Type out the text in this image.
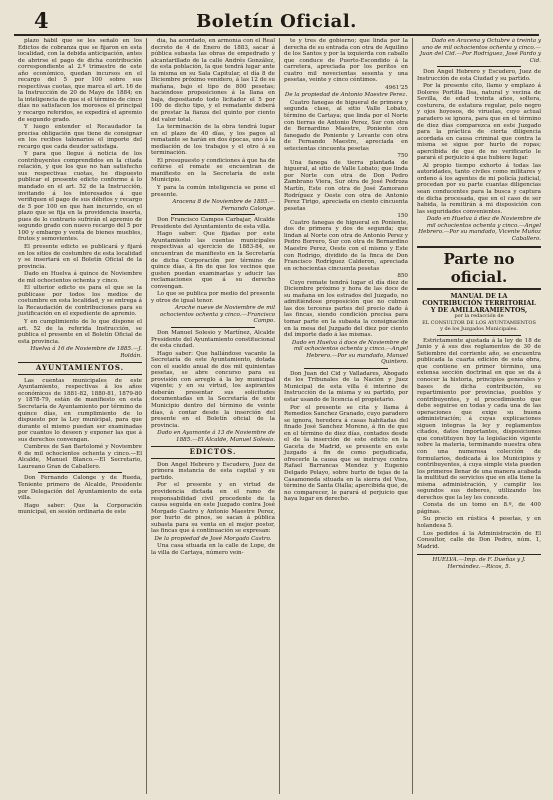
4	Boletín Oficial.

plazo hábil que se les señaló en los Edictos de cobranza que se fijaron en esta localidad, con la debida anticipación, antes de abrirse el pago de dicha contribución correspondiente al 2.º trimestre de este año económico, quedan incursos en el recargo del 5 por 100 sobre sus respectivas cuotas, que marca el art. 16 de la Instrucción de 20 de Mayo de 1884; en la inteligencia de que si el término de cinco días no satisfacen los morosos el principal y recargo referidos, se expedirá el apremio de segundo grado.

Y luego entender el Recaudador la precisa obligación que tiene de consignar en los recibos talonarios el importe del recargo que cada deudor satisfaga.

Y para que llegue á noticia de los contribuyentes comprendidos en la citada relación, y que los que no han satisfecho sus respectivas cuotas, he dispuesto publicar el presente edicto conforme á lo mandado en el art. 52 de la Instrucción, invitando á los interesados á que verifiquen el pago de sus débitos y recargo de 5 por 100 en que han incurrido, en el plazo que se fija en la providencia inserta, pues de lo contrario sufrirán el apremio de segundo grado con nuevo recargo del 5 por 100 y embargo y venta de bienes muebles, frutos y semovientes.

El presente edicto se publicará y fijará en los sitios de costumbre de esta localidad y se insertará en el Boletín Oficial de la provincia.

Dado en Huelva á quince de Noviembre de mil ochocientos ochenta y cinco.

El ulterior edicto es para el que se la publicase por todos los medios de costumbre en esta localidad, y se entrega á la Recaudación de contribuciones para su justificación en el expediente de apremio.

Y en cumplimiento de lo que dispone el art. 52 de la referida Instrucción, se publica el presente en el Boletín Oficial de esta provincia.

Huelva á 16 de Noviembre de 1885.—J. Roldán.

AYUNTAMIENTOS.

Las cuentas municipales de este Ayuntamiento, respectivas á los años económicos de 1881-82, 1880-81, 1879-80 y 1878-79, están de manifiesto en esta Secretaría de Ayuntamiento por término de quince días, en cumplimiento de lo dispuesto por la Ley municipal, para que durante el mismo puedan ser examinadas por cuantos lo deseen y exponer las que á sus derechos convengan.

Cumbres de San Bartolomé y Noviembre 6 de mil ochocientos ochenta y cinco.—El Alcalde, Manuel Blanco.—El Secretario, Laureano Gran de Caballero.

Don Fernando Calonge y de Rueda, Teniente primero de Alcalde, Presidente por Delegación del Ayuntamiento de esta villa.

Hago saber: Que la Corporación municipal, en sesión ordinaria de este

día, ha acordado, en armonía con el Real decreto de 4 de Enero de 1883, sacar á pública subasta las obras de empedrado y alcantarillado de la calle Andrés González, de esta población, la que tendrá lugar ante la misma en su Sala Capitular, el día 8 de Diciembre próximo venidero, á las 12 de su mañana, bajo el tipo de 800 pesetas; haciéndose proposiciones á la llana en baja, depositando todo licitador el 5 por 100 de dicho tipo, y el rematante deberá de prestar la fianza del quinto por ciento del valor total.

La terminación de la obra tendrá lugar en el plazo de 40 días, y los pagos al rematante se harán en dos épocas, uno á la mediación de los trabajos y el otro á su terminación.

El presupuesto y condiciones á que ha de ceñirse el remate se encuentran de manifiesto en la Secretaría de este Municipio.

Y para la común inteligencia se pone el presente.

Aracena 8 de Noviembre de 1885.—Fernando Calonge.

Don Francisco Campos Carbajar, Alcalde Presidente del Ayuntamiento de esta villa.

Hago saber: Que fijadas por este Ayuntamiento las cuentas municipales respectivas al ejercicio de 1883-84, se encuentran de manifiesto en la Secretaría de dicha Corporación por término de quince días, á fin de que los vecinos que gusten puedan examinarlas y aducir las reclamaciones que á su derecho convengan.

Lo que se publica por medio del presente y otros de igual tenor.

Aroche nueve de Noviembre de mil ochocientos ochenta y cinco.—Francisco Campo.

Don Manuel Solesio y Martínez, Alcalde Presidente del Ayuntamiento constitucional de esta ciudad.

Hago saber: Que hallándose vacante la Secretaría de este Ayuntamiento, dotada con el sueldo anual de dos mil quinientas pesetas, se abre concurso para su provisión con arreglo á la ley municipal vigente; y en su virtud, los aspirantes deberán presentar sus solicitudes documentadas en la Secretaría de este Municipio dentro del término de veinte días, á contar desde la inserción del presente en el Boletín oficial de la provincia.

Dado en Ayamonte á 13 de Noviembre de 1885.—El Alcalde, Manuel Solesio.

EDICTOS.

Don Angel Hebrero y Escudero, Juez de primera instancia de esta capital y su partido.

Por el presente y en virtud de providencia dictada en el ramo de responsabilidad civil procedente de la causa seguida en este Juzgado contra José Morgado Castro y Antonio Maestre Perez, por hurto de pinos, se sacan á pública subasta para su venta en el mejor postor, las fincas que á continuación se expresan:

De la propiedad de José Morgado Castro.

Una casa situada en la calle de Lope, de la villa de Cartaya, número vein-

te y tres de gobierno; que linda por la derecha de su entrada con otra de Aquilino de los Santos y por la izquierda con caballo que conduce de Puerto-Escondido á la carretera, apreciada por los peritos en cuatro mil novecientas sesenta y una pesetas, veinte y cinco céntimos.

4961'25
De la propiedad de Antonio Maestre Perez.

Cuatro fanegas de higueral de primera y segunda clase, al sitio Valle Lobato, término de Cartaya; que linda por el Norte con tierras de Antonio Perez, Sur con otra de Bernardino Maestre, Poniente con fanegado de Poniente y Levante con otra de Fernando Maestre, apreciada en setecientas cincuenta pesetas

750

Una fanega de tierra plantada de higueral, al sitio de Valle Lobato; que linda por Norte con otra de Don Pedro Zambrano Viera, Sur otra de José Pedroza Martín, Este con otra de José Zamorano Rodríguez y Oeste con otra de Antonio Perez Tirigo, apreciada en ciento cincuenta pesetas

150

Cuatro fanegas de higueral en Poniente, dos de primera y dos de segunda; que lindan al Norte con otra de Antonio Perez y Pedro Borrero, Sur con otra de Bernardino Maestre Perez, Oeste con el mismo y Este con Rodrigo, dividido de la finca de Don Francisco Rodríguez Calderon, apreciada en ochocientas cincuenta pesetas

850

Cuyo remate tendrá lugar el día diez de Diciembre próximo y hora de las doce de su mañana en los estrados del Juzgado, no admitiéndose proposición que no cubran las dos terceras partes del precio dado á las fincas, siendo condición precisa para tomar parte en la subasta la consignación en la mesa del Juzgado del diez por ciento del importe dado á las mismas.

Dado en Huelva á doce de Noviembre de mil ochocientos ochenta y cinco.—Angel Hebrero.—Por su mandado, Manuel Quintero.

Don Juan del Cid y Valladares, Abogado de los Tribunales de la Nación y Juez Municipal de esta villa é interino de Instrucción de la misma y su partido, por estar usando de licencia el propietario.

Por el presente se cita y llama á Remedios Sanchez Granado, cuyo paradero se ignora, heredera á casas habitadas del finado José Sanchez Moreno, á fin de que en el término de diez días, contados desde el de la inserción de este edicto en la Gaceta de Madrid, se presente en este Juzgado á fin de como perjudicada, ofrecerle la causa que se instruye contra Rafael Barrancas Mendez y Eugenio Delgado Pelayo, sobre hurto de tejas de la Casamoneda situada en la sierra del Viso, término de Santa Olalla; apercibida que, de no comparecer, le parará el perjuicio que haya lugar en derecho.

Dado en Aracena y Octubre á treinta y uno de mil ochocientos ochenta y cinco.—Juan del Cid.—Por Rodríguez, José Pardo y Cid.

Don Angel Hebrero y Escudero, Juez de Instrucción de esta Ciudad y su partido.

Por la presente cito, llamo y emplazo á Dolores Portilla Ilsa, natural y vecina de Sevilla, de edad treinta años, soltera, costurera, de estatura regular, pelo negro y ojos hoyosos, de viruelas, cuyo actual paradero se ignora, para que en el término de diez días comparezca en este Juzgado para la práctica de cierta diligencia acordada en causa criminal que contra la misma se sigue por hurto de ropas; apercibida de que de no verificarlo le parará el perjuicio á que hubiere lugar.

Al propio tiempo exhorto á todas las autoridades, tanto civiles como militares y ordeno á los agentes de mi policía judicial, procedan por su parte cuantas diligencias sean conducentes para la busca y captura de dicha procesada, que en el caso de ser habida, la remitirán á mi disposición con las seguridades convenientes.

Dado en Huelva á diez de Noviembre de mil ochocientos ochenta y cinco.—Angel Hebrero.—Por su mandado, Vicente Muñoz Caballero.

Parte no oficial.
MANUAL DE LA
CONTRIBUCIÓN TERRITORIAL
Y DE AMILLARAMIENTOS,
por la redacción de
EL CONSULTOR DE LOS AYUNTAMIENTOS
y de los Juzgados Municipales.

Estrictamente ajustada á la ley de 18 de Junio y á sus dos reglamentos de 30 de Setiembre del corriente año, se encuentra publicada la cuarta edición de esta obra, que contiene en primer término, una extensa sección doctrinal en que se da á conocer la historia, principios generales y bases de dicha contribución, su repartimiento por provincias, pueblos y contribuyentes, y el procedimiento que debe seguirse en todas y cada una de las operaciones que exige su buena administración; á cuyas explicaciones siguen integras la ley y reglamentos citados, datos importantes, disposiciones que constituyen hoy la legislación vigente sobre la materia, terminando nuestra obra con una numerosa colección de formularios, dedicada á los Municipios y contribuyentes, á cuya simple vista pueden los primeros llenar de una manera acabada la multitud de servicios que en ella tiene la misma administración, y cumplir los segundos sus deberes, utilizando los derechos que la ley les concede.

Consta de un tomo en 8.º, de 400 páginas.

Su precio en rústica 4 pesetas, y en holandesa 5.

Los pedidos á la Administración de El Consultor, calle de Don Pedro, núm. 1, Madrid.

HUELVA.—Imp. de F. Dueñas y J. Hernández.—Ricos, 5.
